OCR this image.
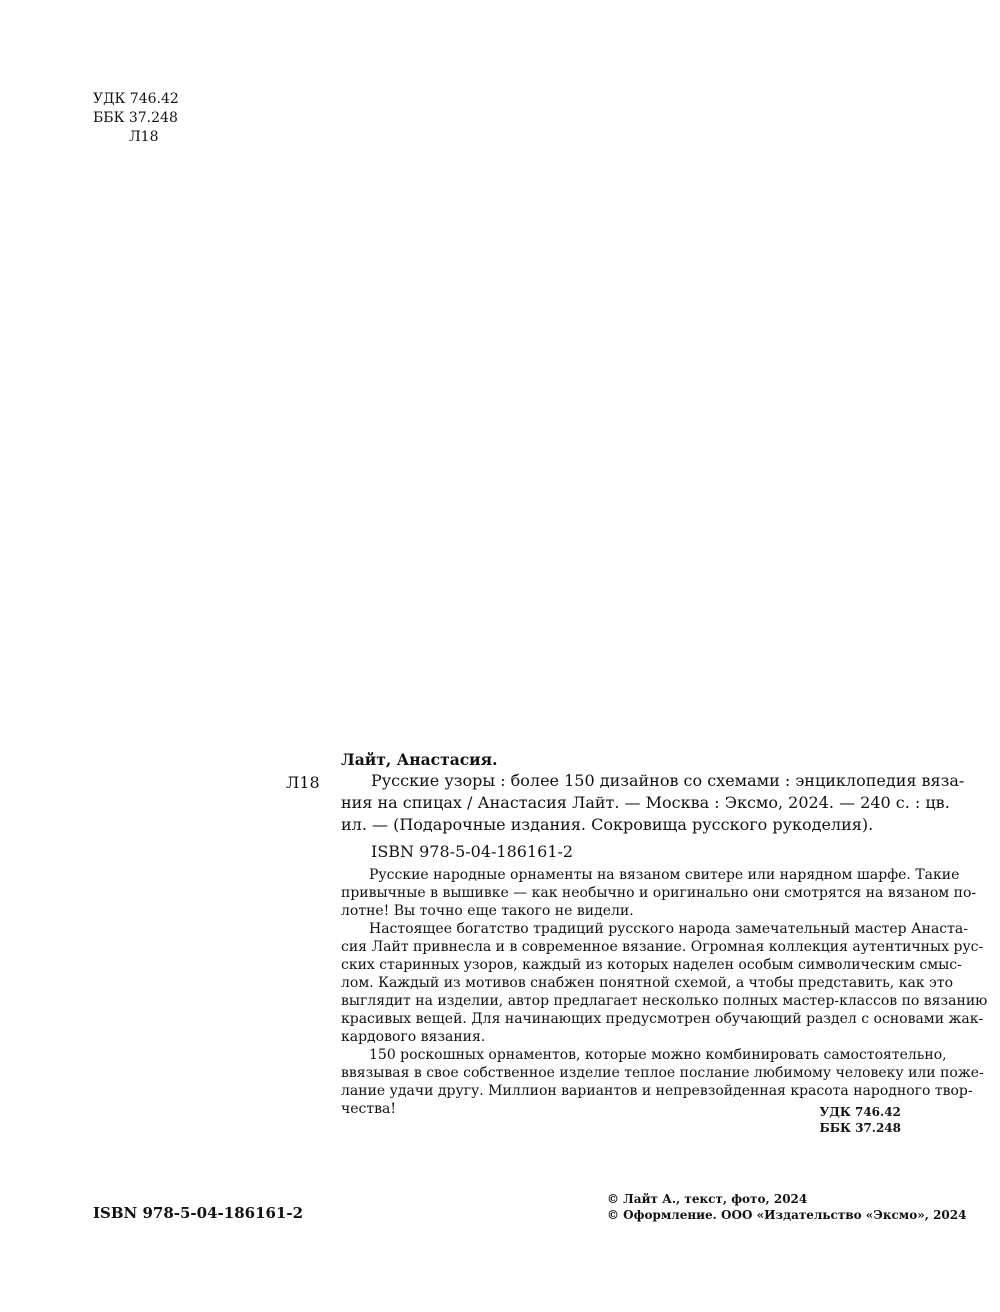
УДК 746.42
ББК 37.248
Л18
Лайт, Анастасия.
Л18	Русские узоры : более 150 дизайнов со схемами : энциклопедия вяза-
ния на спицах / Анастасия Лайт. — Москва : Эксмо, 2024. — 240 с. : цв.
ил. — (Подарочные издания. Сокровища русского рукоделия).
ISBN 978-5-04-186161-2
Русские народные орнаменты на вязаном свитере или нарядном шарфе. Такие
привычные в вышивке — как необычно и оригинально они смотрятся на вязаном по-
лотне! Вы точно еще такого не видели.
Настоящее богатство традиций русского народа замечательный мастер Анаста-
сия Лайт привнесла и в современное вязание. Огромная коллекция аутентичных рус-
ских старинных узоров, каждый из которых наделен особым символическим смыс-
лом. Каждый из мотивов снабжен понятной схемой, а чтобы представить, как это
выглядит на изделии, автор предлагает несколько полных мастер-классов по вязанию
красивых вещей. Для начинающих предусмотрен обучающий раздел с основами жак-
кардового вязания.
150 роскошных орнаментов, которые можно комбинировать самостоятельно,
ввязывая в свое собственное изделие теплое послание любимому человеку или поже-
лание удачи другу. Миллион вариантов и непревзойденная красота народного твор-
чества!	УДК 746.42
ББК 37.248
ISBN 978-5-04-186161-2
© Лайт А., текст, фото, 2024
© Оформление. ООО «Издательство «Эксмо», 2024
